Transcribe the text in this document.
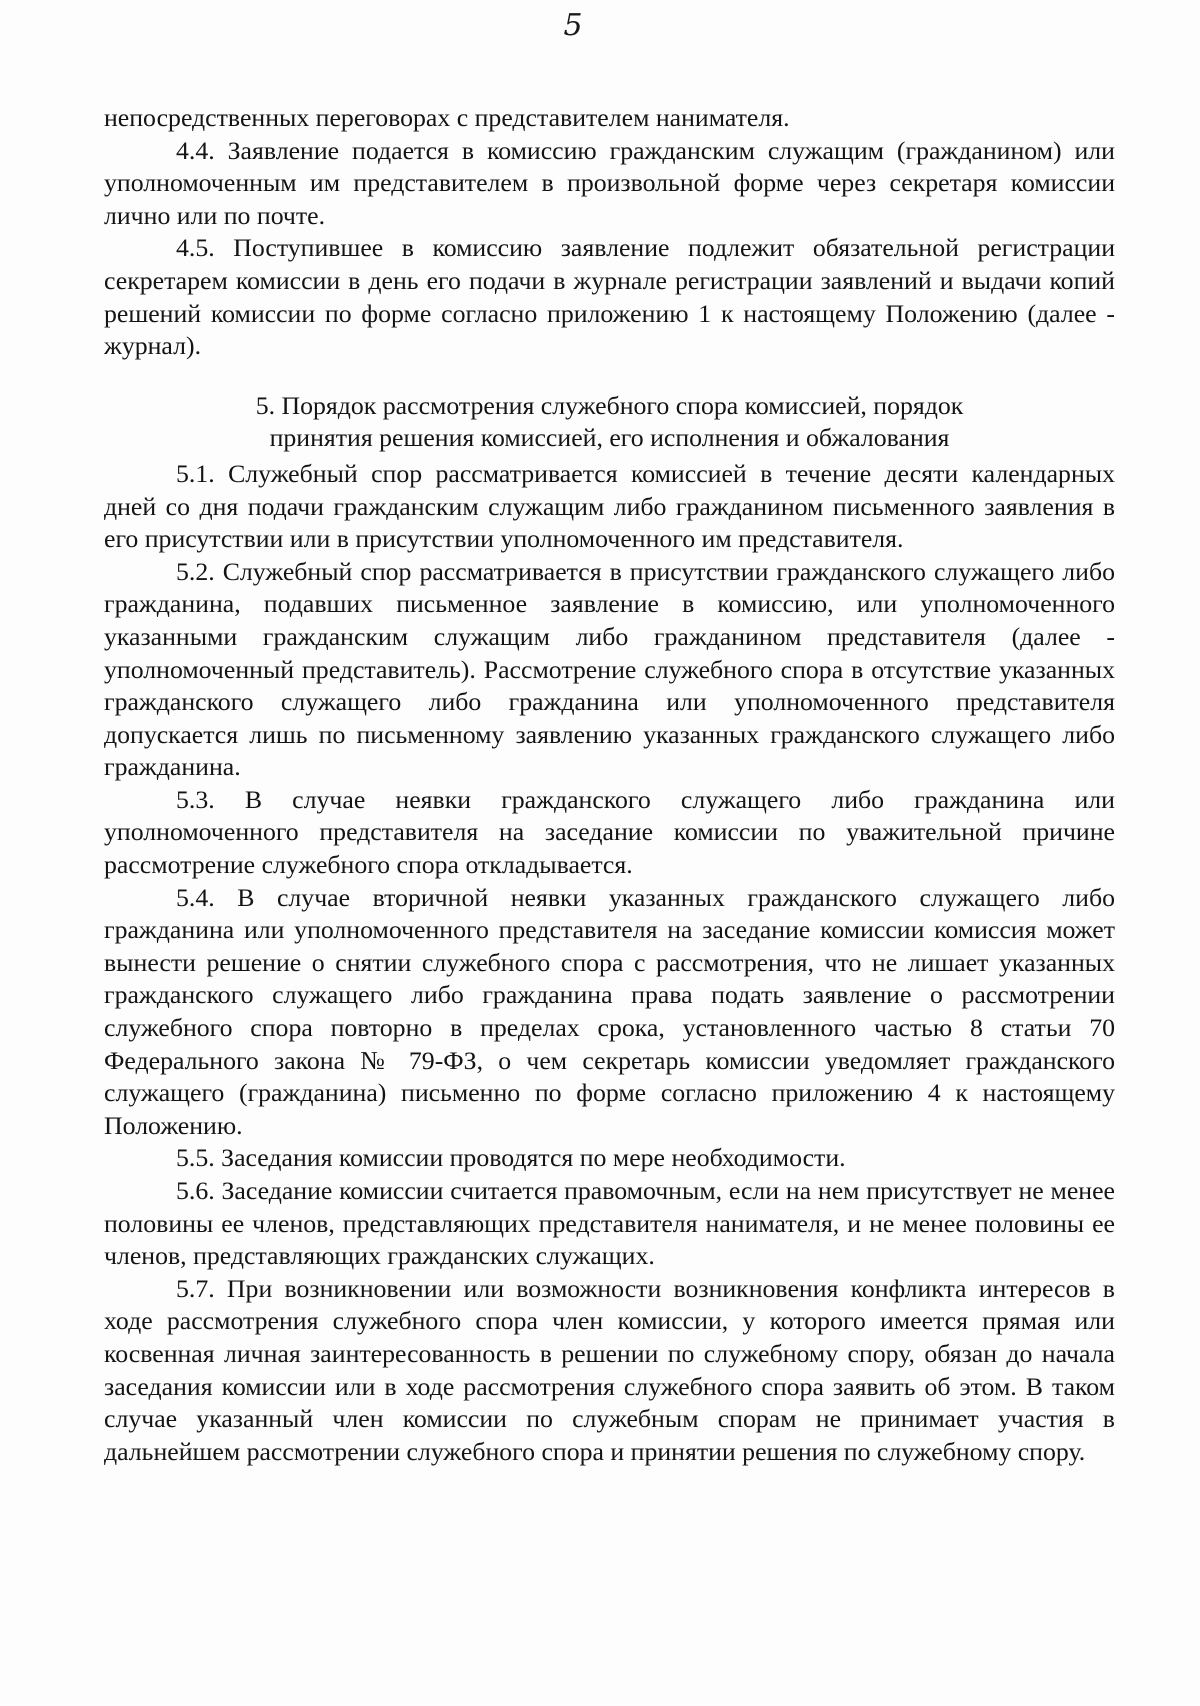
5

непосредственных переговорах с представителем нанимателя.

4.4. Заявление подается в комиссию гражданским служащим (гражданином) или уполномоченным им представителем в произвольной форме через секретаря комиссии лично или по почте.

4.5. Поступившее в комиссию заявление подлежит обязательной регистрации секретарем комиссии в день его подачи в журнале регистрации заявлений и выдачи копий решений комиссии по форме согласно приложению 1 к настоящему Положению (далее - журнал).

5. Порядок рассмотрения служебного спора комиссией, порядок
принятия решения комиссией, его исполнения и обжалования

5.1. Служебный спор рассматривается комиссией в течение десяти календарных дней со дня подачи гражданским служащим либо гражданином письменного заявления в его присутствии или в присутствии уполномоченного им представителя.

5.2. Служебный спор рассматривается в присутствии гражданского служащего либо гражданина, подавших письменное заявление в комиссию, или уполномоченного указанными гражданским служащим либо гражданином представителя (далее - уполномоченный представитель). Рассмотрение служебного спора в отсутствие указанных гражданского служащего либо гражданина или уполномоченного представителя допускается лишь по письменному заявлению указанных гражданского служащего либо гражданина.

5.3. В случае неявки гражданского служащего либо гражданина или уполномоченного представителя на заседание комиссии по уважительной причине рассмотрение служебного спора откладывается.

5.4. В случае вторичной неявки указанных гражданского служащего либо гражданина или уполномоченного представителя на заседание комиссии комиссия может вынести решение о снятии служебного спора с рассмотрения, что не лишает указанных гражданского служащего либо гражданина права подать заявление о рассмотрении служебного спора повторно в пределах срока, установленного частью 8 статьи 70 Федерального закона № 79-ФЗ, о чем секретарь комиссии уведомляет гражданского служащего (гражданина) письменно по форме согласно приложению 4 к настоящему Положению.

5.5. Заседания комиссии проводятся по мере необходимости.

5.6. Заседание комиссии считается правомочным, если на нем присутствует не менее половины ее членов, представляющих представителя нанимателя, и не менее половины ее членов, представляющих гражданских служащих.

5.7. При возникновении или возможности возникновения конфликта интересов в ходе рассмотрения служебного спора член комиссии, у которого имеется прямая или косвенная личная заинтересованность в решении по служебному спору, обязан до начала заседания комиссии или в ходе рассмотрения служебного спора заявить об этом. В таком случае указанный член комиссии по служебным спорам не принимает участия в дальнейшем рассмотрении служебного спора и принятии решения по служебному спору.
